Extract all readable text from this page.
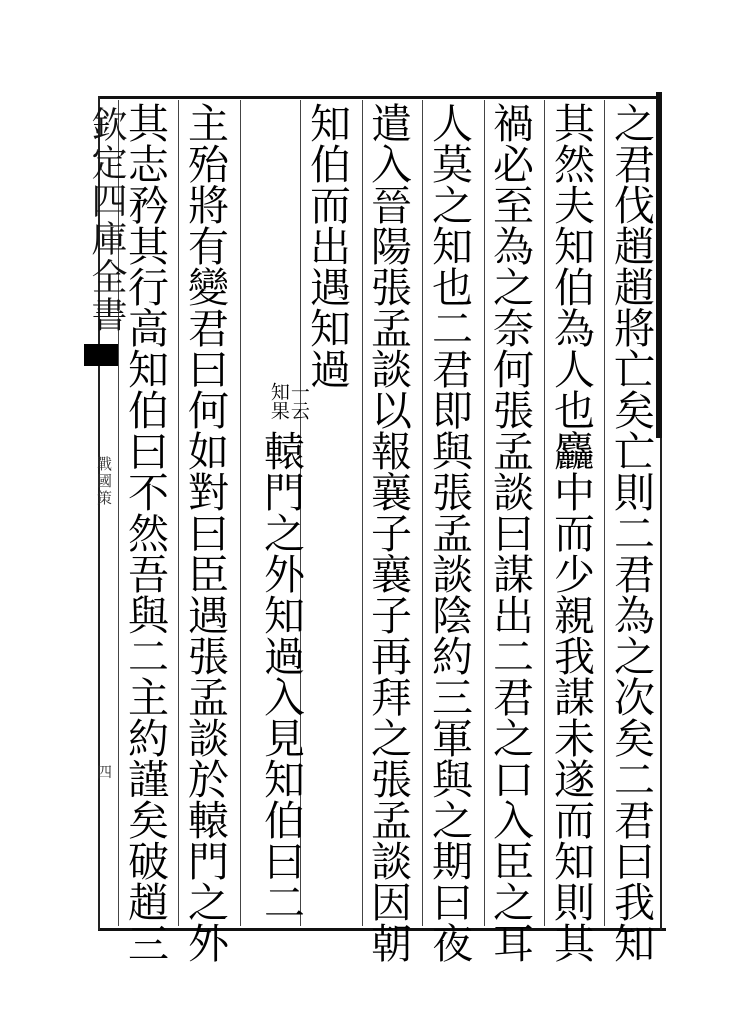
欽定四庫全書
戰國策
四	之君伐趙趙將亡矣亡則二君為之次矣二君曰我知
其然夫知伯為人也麤中而少親我謀未遂而知則其
禍必至為之奈何張孟談曰謀出二君之口入臣之耳
人莫之知也二君即與張孟談陰約三軍與之期曰夜
遣入晉陽張孟談以報襄子襄子再拜之張孟談因朝
知伯而出遇知過
一云
知果
轅門之外知過入見知伯曰二
主殆將有變君曰何如對曰臣遇張孟談於轅門之外
其志矜其行高知伯曰不然吾與二主約謹矣破趙三
